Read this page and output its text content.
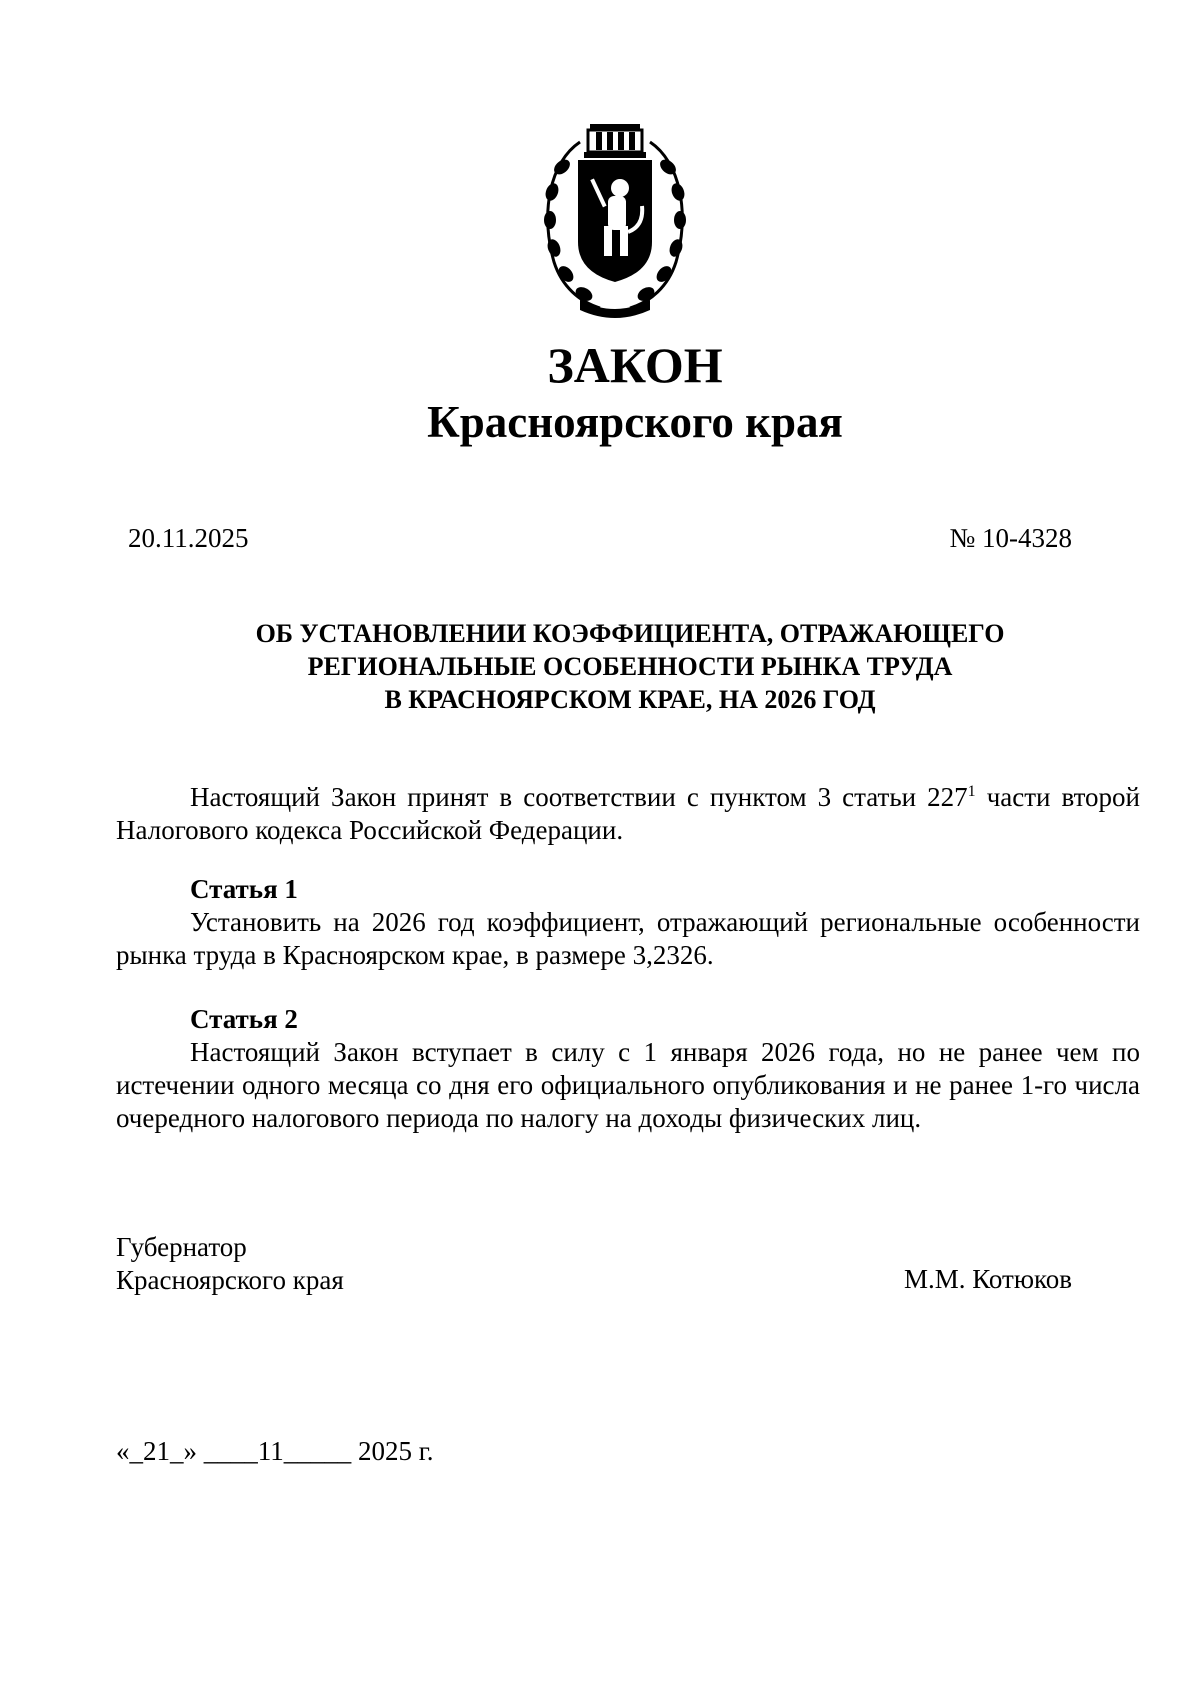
ЗАКОН
Красноярского края
20.11.2025	№ 10-4328
ОБ УСТАНОВЛЕНИИ КОЭФФИЦИЕНТА, ОТРАЖАЮЩЕГО
РЕГИОНАЛЬНЫЕ ОСОБЕННОСТИ РЫНКА ТРУДА
В КРАСНОЯРСКОМ КРАЕ, НА 2026 ГОД

Настоящий Закон принят в соответствии с пунктом 3 статьи $227^1$ части второй Налогового кодекса Российской Федерации.

Статья 1

Установить на 2026 год коэффициент, отражающий региональные особенности рынка труда в Красноярском крае, в размере 3,2326.

Статья 2

Настоящий Закон вступает в силу с 1 января 2026 года, но не ранее чем по истечении одного месяца со дня его официального опубликования и не ранее 1-го числа очередного налогового периода по налогу на доходы физических лиц.

Губернатор
Красноярского края	М.М. Котюков
«_21_» ____11_____ 2025 г.
